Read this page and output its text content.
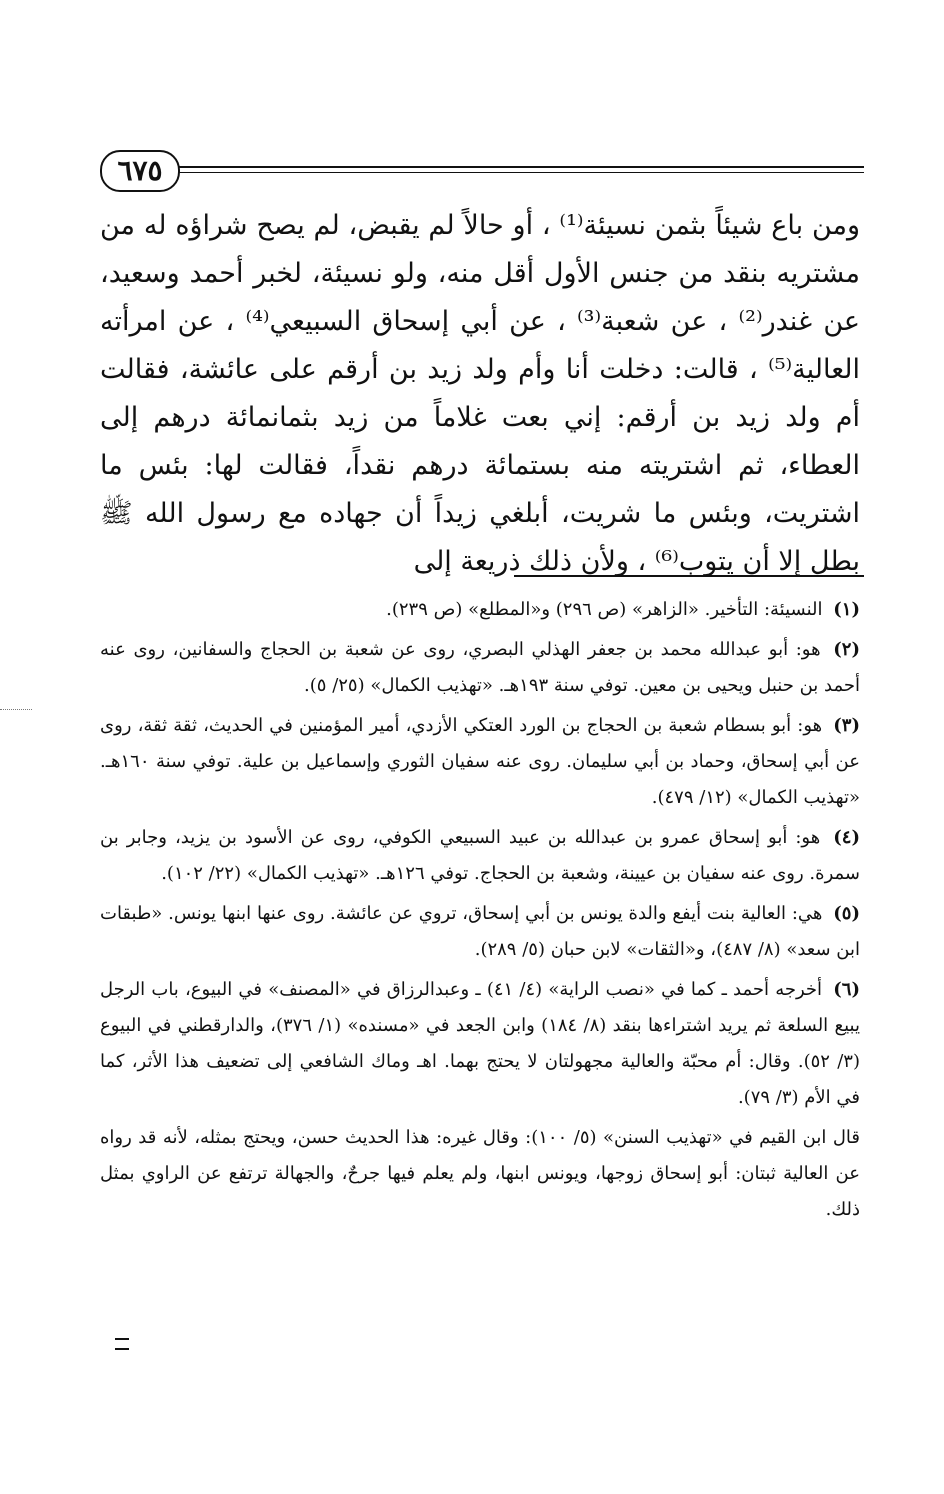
٦٧٥

ومن باع شيئاً بثمن نسيئة⁽¹⁾ ، أو حالاً لم يقبض، لم يصح شراؤه له من مشتريه بنقد من جنس الأول أقل منه، ولو نسيئة، لخبر أحمد وسعيد، عن غندر⁽²⁾ ، عن شعبة⁽³⁾ ، عن أبي إسحاق السبيعي⁽⁴⁾ ، عن امرأته العالية⁽⁵⁾ ، قالت: دخلت أنا وأم ولد زيد بن أرقم على عائشة، فقالت أم ولد زيد بن أرقم: إني بعت غلاماً من زيد بثمانمائة درهم إلى العطاء، ثم اشتريته منه بستمائة درهم نقداً، فقالت لها: بئس ما اشتريت، وبئس ما شريت، أبلغي زيداً أن جهاده مع رسول الله ﷺ بطل إلا أن يتوب⁽⁶⁾ ، ولأن ذلك ذريعة إلى

(١) النسيئة: التأخير. «الزاهر» (ص ٢٩٦) و«المطلع» (ص ٢٣٩).
(٢) هو: أبو عبدالله محمد بن جعفر الهذلي البصري، روى عن شعبة بن الحجاج والسفانين، روى عنه أحمد بن حنبل ويحيى بن معين. توفي سنة ١٩٣هـ. «تهذيب الكمال» (٢٥/ ٥).
(٣) هو: أبو بسطام شعبة بن الحجاج بن الورد العتكي الأزدي، أمير المؤمنين في الحديث، ثقة ثقة، روى عن أبي إسحاق، وحماد بن أبي سليمان. روى عنه سفيان الثوري وإسماعيل بن علية. توفي سنة ١٦٠هـ. «تهذيب الكمال» (١٢/ ٤٧٩).
(٤) هو: أبو إسحاق عمرو بن عبدالله بن عبيد السبيعي الكوفي، روى عن الأسود بن يزيد، وجابر بن سمرة. روى عنه سفيان بن عيينة، وشعبة بن الحجاج. توفي ١٢٦هـ. «تهذيب الكمال» (٢٢/ ١٠٢).
(٥) هي: العالية بنت أيفع والدة يونس بن أبي إسحاق، تروي عن عائشة. روى عنها ابنها يونس. «طبقات ابن سعد» (٨/ ٤٨٧)، و«الثقات» لابن حبان (٥/ ٢٨٩).
(٦) أخرجه أحمد ـ كما في «نصب الراية» (٤/ ٤١) ـ وعبدالرزاق في «المصنف» في البيوع، باب الرجل يبيع السلعة ثم يريد اشتراءها بنقد (٨/ ١٨٤) وابن الجعد في «مسنده» (١/ ٣٧٦)، والدارقطني في البيوع (٣/ ٥٢). وقال: أم محبّة والعالية مجهولتان لا يحتج بهما. اهـ وماك الشافعي إلى تضعيف هذا الأثر، كما في الأم (٣/ ٧٩).

قال ابن القيم في «تهذيب السنن» (٥/ ١٠٠): وقال غيره: هذا الحديث حسن، ويحتج بمثله، لأنه قد رواه عن العالية ثبتان: أبو إسحاق زوجها، ويونس ابنها، ولم يعلم فيها جرحٌ، والجهالة ترتفع عن الراوي بمثل ذلك.
